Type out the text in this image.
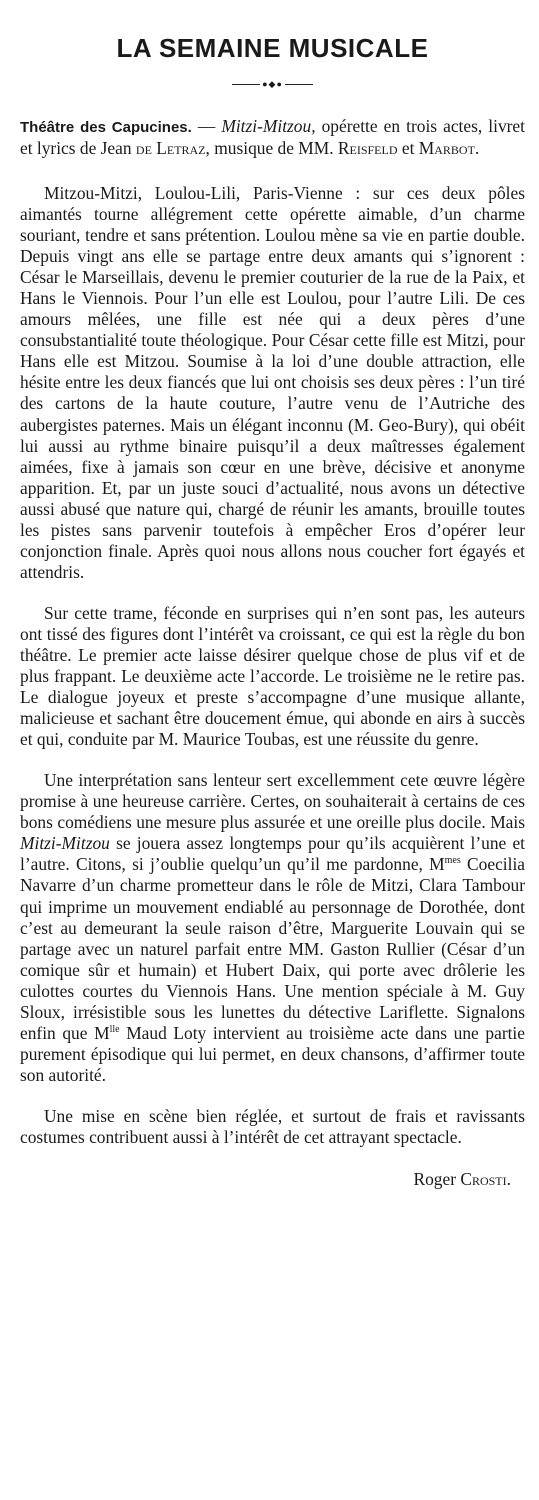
LA SEMAINE MUSICALE
●◆●

Théâtre des Capucines. — Mitzi-Mitzou, opérette en trois actes, livret et lyrics de Jean de Letraz, musique de MM. Reisfeld et Marbot.

Mitzou-Mitzi, Loulou-Lili, Paris-Vienne : sur ces deux pôles aimantés tourne allégrement cette opérette aimable, d’un charme souriant, tendre et sans prétention. Loulou mène sa vie en partie double. Depuis vingt ans elle se partage entre deux amants qui s’ignorent : César le Marseillais, devenu le premier couturier de la rue de la Paix, et Hans le Viennois. Pour l’un elle est Loulou, pour l’autre Lili. De ces amours mêlées, une fille est née qui a deux pères d’une consubstantialité toute théologique. Pour César cette fille est Mitzi, pour Hans elle est Mitzou. Soumise à la loi d’une double attraction, elle hésite entre les deux fiancés que lui ont choisis ses deux pères : l’un tiré des cartons de la haute couture, l’autre venu de l’Autriche des aubergistes paternes. Mais un élégant inconnu (M. Geo-Bury), qui obéit lui aussi au rythme binaire puisqu’il a deux maîtresses également aimées, fixe à jamais son cœur en une brève, décisive et anonyme apparition. Et, par un juste souci d’actualité, nous avons un détective aussi abusé que nature qui, chargé de réunir les amants, brouille toutes les pistes sans parvenir toutefois à empêcher Eros d’opérer leur conjonction finale. Après quoi nous allons nous coucher fort égayés et attendris.

Sur cette trame, féconde en surprises qui n’en sont pas, les auteurs ont tissé des figures dont l’intérêt va croissant, ce qui est la règle du bon théâtre. Le premier acte laisse désirer quelque chose de plus vif et de plus frappant. Le deuxième acte l’accorde. Le troisième ne le retire pas. Le dialogue joyeux et preste s’accompagne d’une musique allante, malicieuse et sachant être doucement émue, qui abonde en airs à succès et qui, conduite par M. Maurice Toubas, est une réussite du genre.

Une interprétation sans lenteur sert excellemment cete œuvre légère promise à une heureuse carrière. Certes, on souhaiterait à certains de ces bons comédiens une mesure plus assurée et une oreille plus docile. Mais Mitzi-Mitzou se jouera assez longtemps pour qu’ils acquièrent l’une et l’autre. Citons, si j’oublie quelqu’un qu’il me pardonne, $M^{mes}$ Coecilia Navarre d’un charme prometteur dans le rôle de Mitzi, Clara Tambour qui imprime un mouvement endiablé au personnage de Dorothée, dont c’est au demeurant la seule raison d’être, Marguerite Louvain qui se partage avec un naturel parfait entre MM. Gaston Rullier (César d’un comique sûr et humain) et Hubert Daix, qui porte avec drôlerie les culottes courtes du Viennois Hans. Une mention spéciale à M. Guy Sloux, irrésistible sous les lunettes du détective Lariflette. Signalons enfin que $M^{lle}$ Maud Loty intervient au troisième acte dans une partie purement épisodique qui lui permet, en deux chansons, d’affirmer toute son autorité.

Une mise en scène bien réglée, et surtout de frais et ravissants costumes contribuent aussi à l’intérêt de cet attrayant spectacle.

Roger Crosti.
